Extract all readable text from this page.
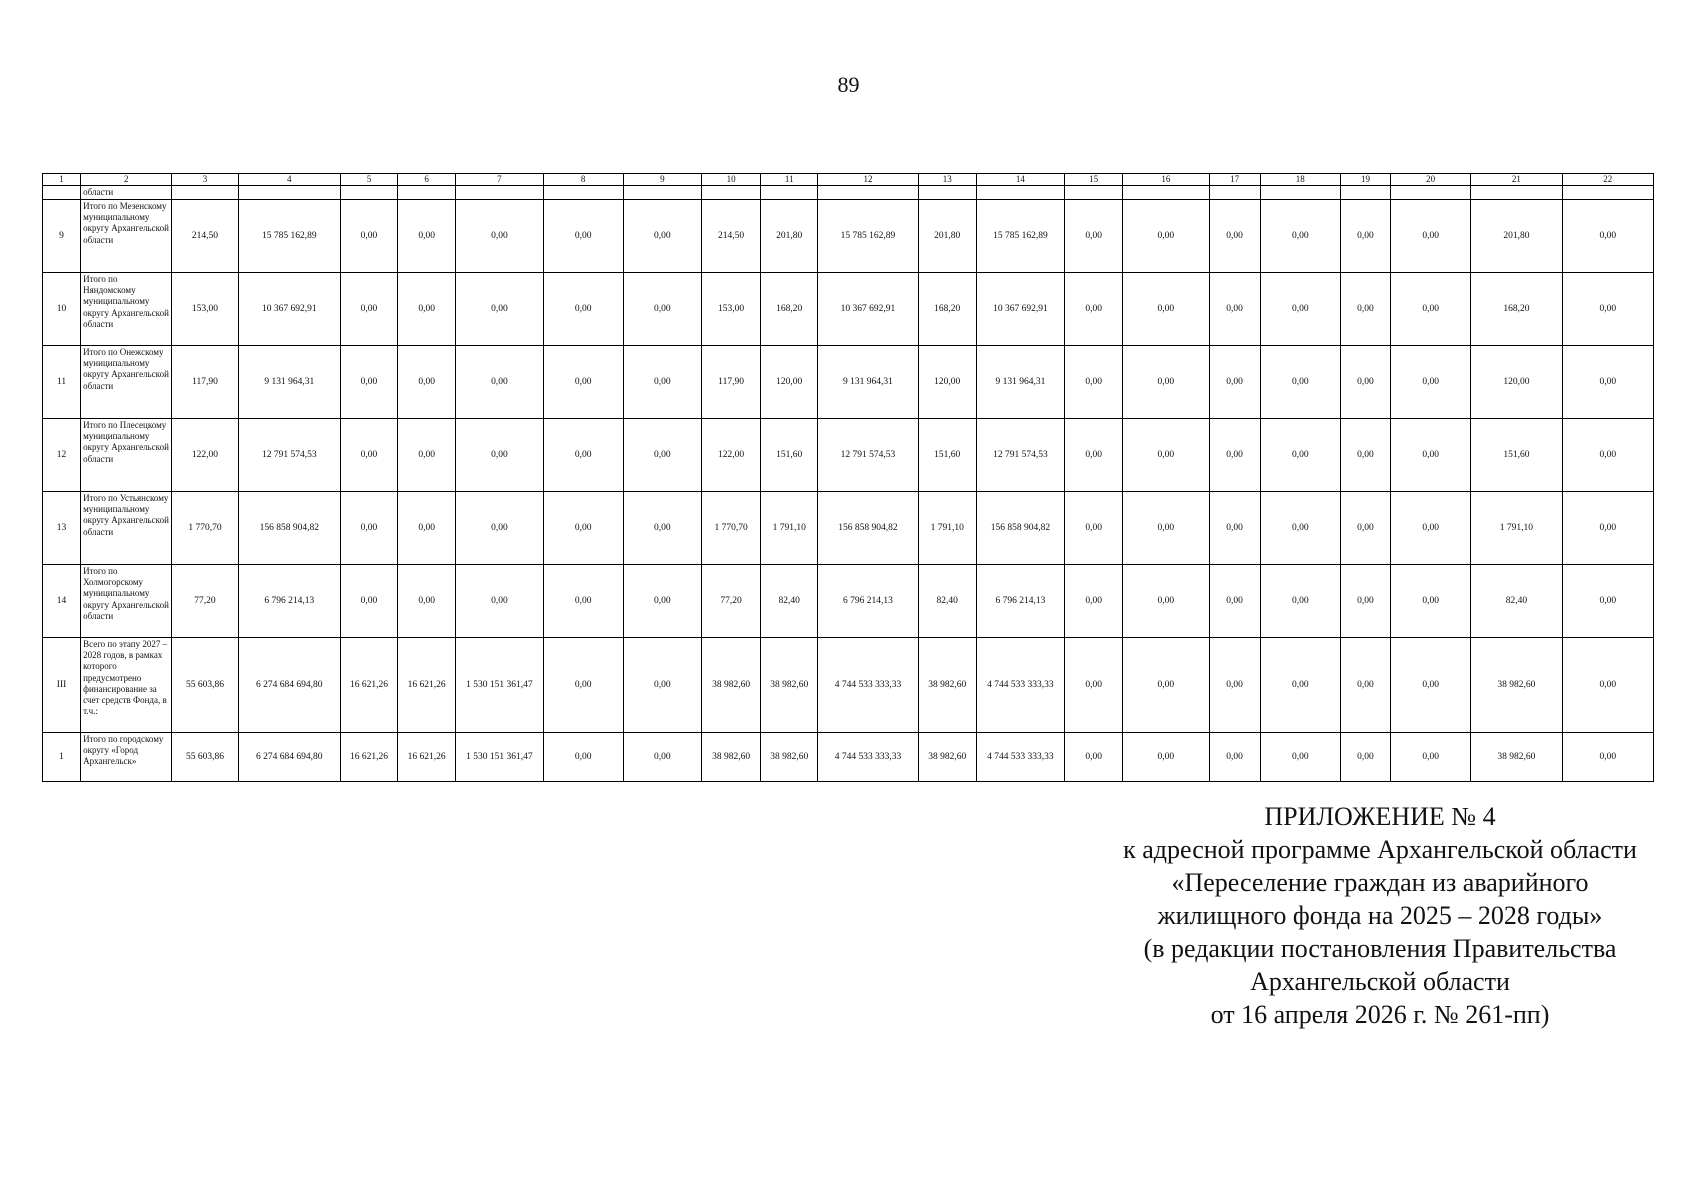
89
1	2	3	4	5	6	7	8	9	10	11	12	13	14	15	16	17	18	19	20	21	22
	области																				
9	Итого по Мезенскому муниципальному округу Архангельской области	214,50	15 785 162,89	0,00	0,00	0,00	0,00	0,00	214,50	201,80	15 785 162,89	201,80	15 785 162,89	0,00	0,00	0,00	0,00	0,00	0,00	201,80	0,00
10	Итого по Няндомскому муниципальному округу Архангельской области	153,00	10 367 692,91	0,00	0,00	0,00	0,00	0,00	153,00	168,20	10 367 692,91	168,20	10 367 692,91	0,00	0,00	0,00	0,00	0,00	0,00	168,20	0,00
11	Итого по Онежскому муниципальному округу Архангельской области	117,90	9 131 964,31	0,00	0,00	0,00	0,00	0,00	117,90	120,00	9 131 964,31	120,00	9 131 964,31	0,00	0,00	0,00	0,00	0,00	0,00	120,00	0,00
12	Итого по Плесецкому муниципальному округу Архангельской области	122,00	12 791 574,53	0,00	0,00	0,00	0,00	0,00	122,00	151,60	12 791 574,53	151,60	12 791 574,53	0,00	0,00	0,00	0,00	0,00	0,00	151,60	0,00
13	Итого по Устьянскому муниципальному округу Архангельской области	1 770,70	156 858 904,82	0,00	0,00	0,00	0,00	0,00	1 770,70	1 791,10	156 858 904,82	1 791,10	156 858 904,82	0,00	0,00	0,00	0,00	0,00	0,00	1 791,10	0,00
14	Итого по Холмогорскому муниципальному округу Архангельской области	77,20	6 796 214,13	0,00	0,00	0,00	0,00	0,00	77,20	82,40	6 796 214,13	82,40	6 796 214,13	0,00	0,00	0,00	0,00	0,00	0,00	82,40	0,00
III	Всего по этапу 2027 – 2028 годов, в рамках которого предусмотрено финансирование за счет средств Фонда, в т.ч.:	55 603,86	6 274 684 694,80	16 621,26	16 621,26	1 530 151 361,47	0,00	0,00	38 982,60	38 982,60	4 744 533 333,33	38 982,60	4 744 533 333,33	0,00	0,00	0,00	0,00	0,00	0,00	38 982,60	0,00
1	Итого по городскому округу «Город Архангельск»	55 603,86	6 274 684 694,80	16 621,26	16 621,26	1 530 151 361,47	0,00	0,00	38 982,60	38 982,60	4 744 533 333,33	38 982,60	4 744 533 333,33	0,00	0,00	0,00	0,00	0,00	0,00	38 982,60	0,00
ПРИЛОЖЕНИЕ № 4
к адресной программе Архангельской области
«Переселение граждан из аварийного
жилищного фонда на 2025 – 2028 годы»
(в редакции постановления Правительства
Архангельской области
от 16 апреля 2026 г. № 261-пп)
